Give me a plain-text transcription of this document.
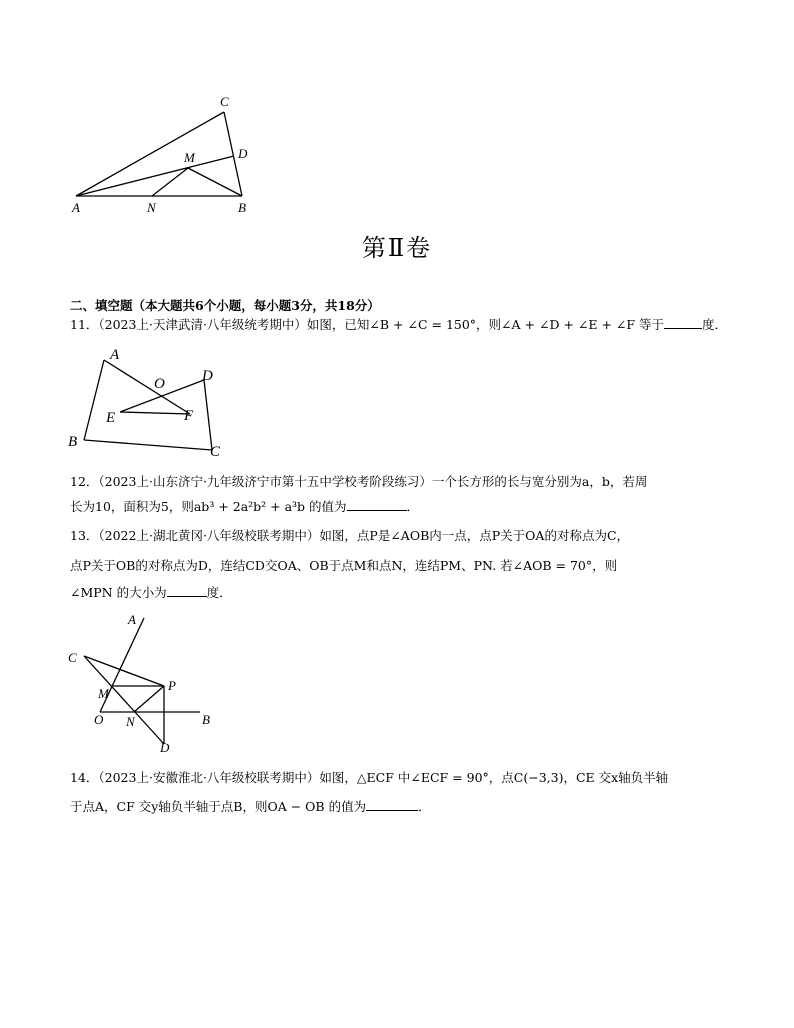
C
D
M
A	N	B
第Ⅱ卷
二、填空题（本大题共6个小题，每小题3分，共18分）
11．（2023上·天津武清·八年级统考期中）如图，已知∠B + ∠C = 150°，则∠A + ∠D + ∠E + ∠F 等于	度．
A
O D
E	F
B
C
12．（2023上·山东济宁·九年级济宁市第十五中学校考阶段练习）一个长方形的长与宽分别为a，b，若周
长为10，面积为5，则ab³ + 2a²b² + a³b 的值为	．
13．（2022上·湖北黄冈·八年级校联考期中）如图，点P是∠AOB内一点，点P关于OA的对称点为C，
点P关于OB的对称点为D，连结CD交OA、OB于点M和点N，连结PM、PN. 若∠AOB = 70°，则
∠MPN 的大小为	度．
A
C
P
M
O N	B
D
14．（2023上·安徽淮北·八年级校联考期中）如图，△ECF 中∠ECF = 90°，点C(−3,3)，CE 交x轴负半轴
于点A，CF 交y轴负半轴于点B，则OA − OB 的值为	．
